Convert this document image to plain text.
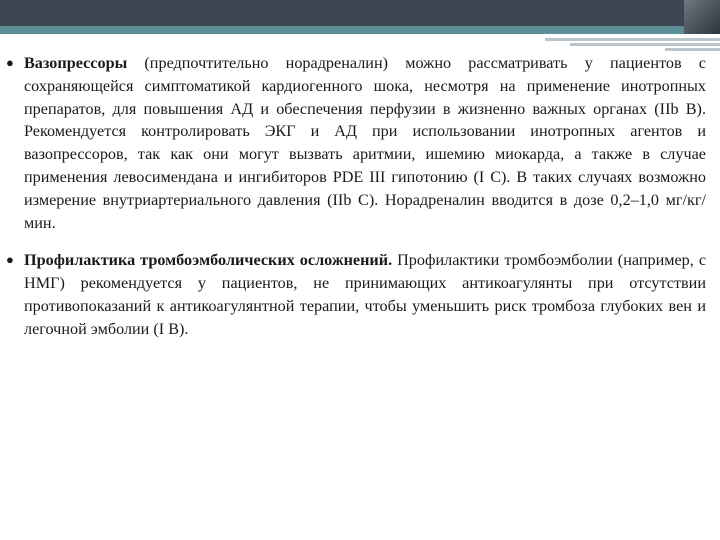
● Вазопрессоры (предпочтительно норадреналин) можно рассматривать у пациентов с сохраняющейся симптоматикой кардиогенного шока, несмотря на применение инотропных препаратов, для повышения АД и обеспечения перфузии в жизненно важных органах (IIb B). Рекомендуется контролировать ЭКГ и АД при использовании инотропных агентов и вазопрессоров, так как они могут вызвать аритмии, ишемию миокарда, а также в случае применения левосимендана и ингибиторов PDE III гипотонию (I C). В таких случаях возможно измерение внутриартериального давления (IIb C). Норадреналин вводится в дозе 0,2–1,0 мг/кг/мин.
● Профилактика тромбоэмболических осложнений. Профилактики тромбоэмболии (например, с НМГ) рекомендуется у пациентов, не принимающих антикоагулянты при отсутствии противопоказаний к антикоагулянтной терапии, чтобы уменьшить риск тромбоза глубоких вен и легочной эмболии (I B).
